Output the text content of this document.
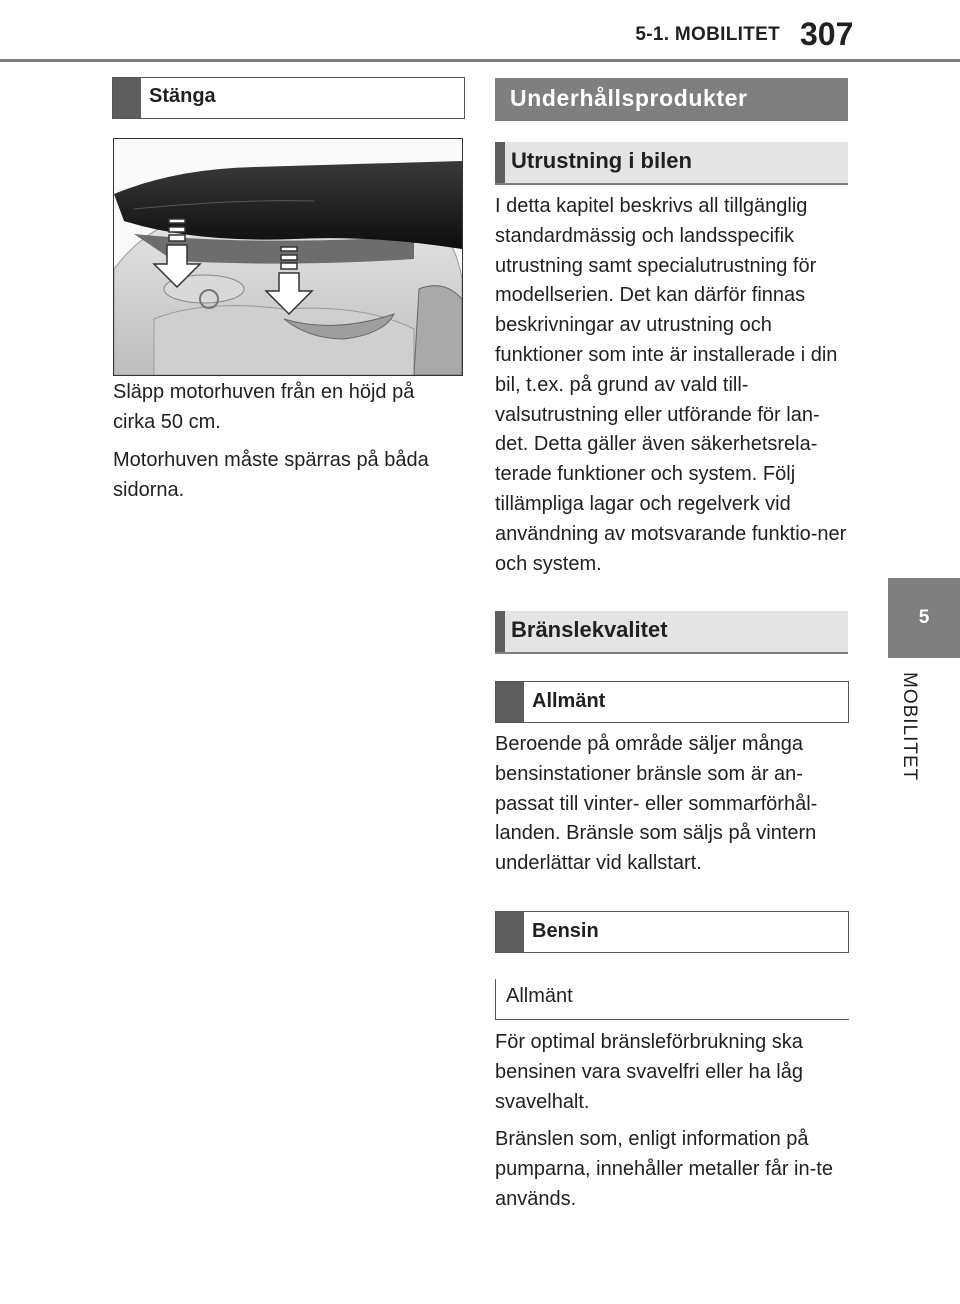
5-1. MOBILITET 307
5
MOBILITET
Stänga

Släpp motorhuven från en höjd på cirka 50 cm.

Motorhuven måste spärras på båda sidorna.

Underhållsprodukter
Utrustning i bilen

I detta kapitel beskrivs all tillgänglig standardmässig och landsspecifik utrustning samt specialutrustning för modellserien. Det kan därför finnas beskrivningar av utrustning och funktioner som inte är installerade i din bil, t.ex. på grund av vald till-valsutrustning eller utförande för lan-det. Detta gäller även säkerhetsrela-terade funktioner och system. Följ tillämpliga lagar och regelverk vid användning av motsvarande funktio-ner och system.

Bränslekvalitet
Allmänt

Beroende på område säljer många bensinstationer bränsle som är an-passat till vinter- eller sommarförhål-landen. Bränsle som säljs på vintern underlättar vid kallstart.

Bensin
Allmänt

För optimal bränsleförbrukning ska bensinen vara svavelfri eller ha låg svavelhalt.

Bränslen som, enligt information på pumparna, innehåller metaller får in-te används.
